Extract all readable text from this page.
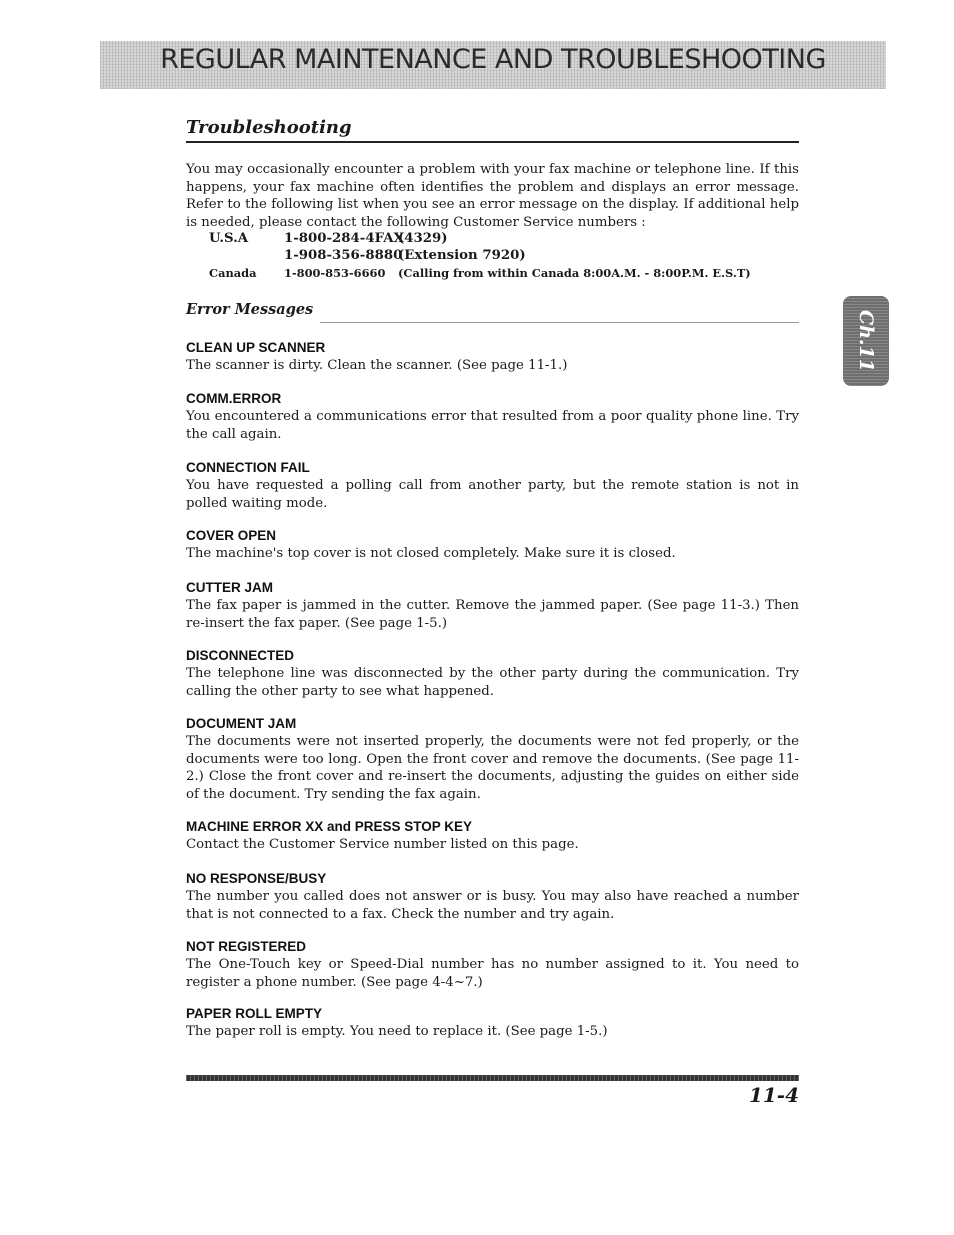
REGULAR MAINTENANCE AND TROUBLESHOOTING
Troubleshooting
You may occasionally encounter a problem with your fax machine or telephone line. If this happens, your fax machine often identifies the problem and displays an error message. Refer to the following list when you see an error message on the display. If additional help is needed, please contact the following Customer Service numbers :
U.S.A	1-800-284-4FAX
(4329)
1-908-356-8880
(Extension 7920)
Canada 1-800-853-6660 (Calling from within Canada 8:00A.M. - 8:00P.M. E.S.T)
Error Messages
Ch.11
CLEAN UP SCANNER

The scanner is dirty. Clean the scanner. (See page 11-1.)

COMM.ERROR

You encountered a communications error that resulted from a poor quality phone line. Try the call again.

CONNECTION FAIL

You have requested a polling call from another party, but the remote station is not in polled waiting mode.

COVER OPEN

The machine's top cover is not closed completely. Make sure it is closed.

CUTTER JAM

The fax paper is jammed in the cutter. Remove the jammed paper. (See page 11-3.) Then re-insert the fax paper. (See page 1-5.)

DISCONNECTED

The telephone line was disconnected by the other party during the communication. Try calling the other party to see what happened.

DOCUMENT JAM

The documents were not inserted properly, the documents were not fed properly, or the documents were too long. Open the front cover and remove the documents. (See page 11-2.) Close the front cover and re-insert the documents, adjusting the guides on either side of the document. Try sending the fax again.

MACHINE ERROR XX and PRESS STOP KEY

Contact the Customer Service number listed on this page.

NO RESPONSE/BUSY

The number you called does not answer or is busy. You may also have reached a number that is not connected to a fax. Check the number and try again.

NOT REGISTERED

The One-Touch key or Speed-Dial number has no number assigned to it. You need to register a phone number. (See page 4-4~7.)

PAPER ROLL EMPTY

The paper roll is empty. You need to replace it. (See page 1-5.)

11-4
